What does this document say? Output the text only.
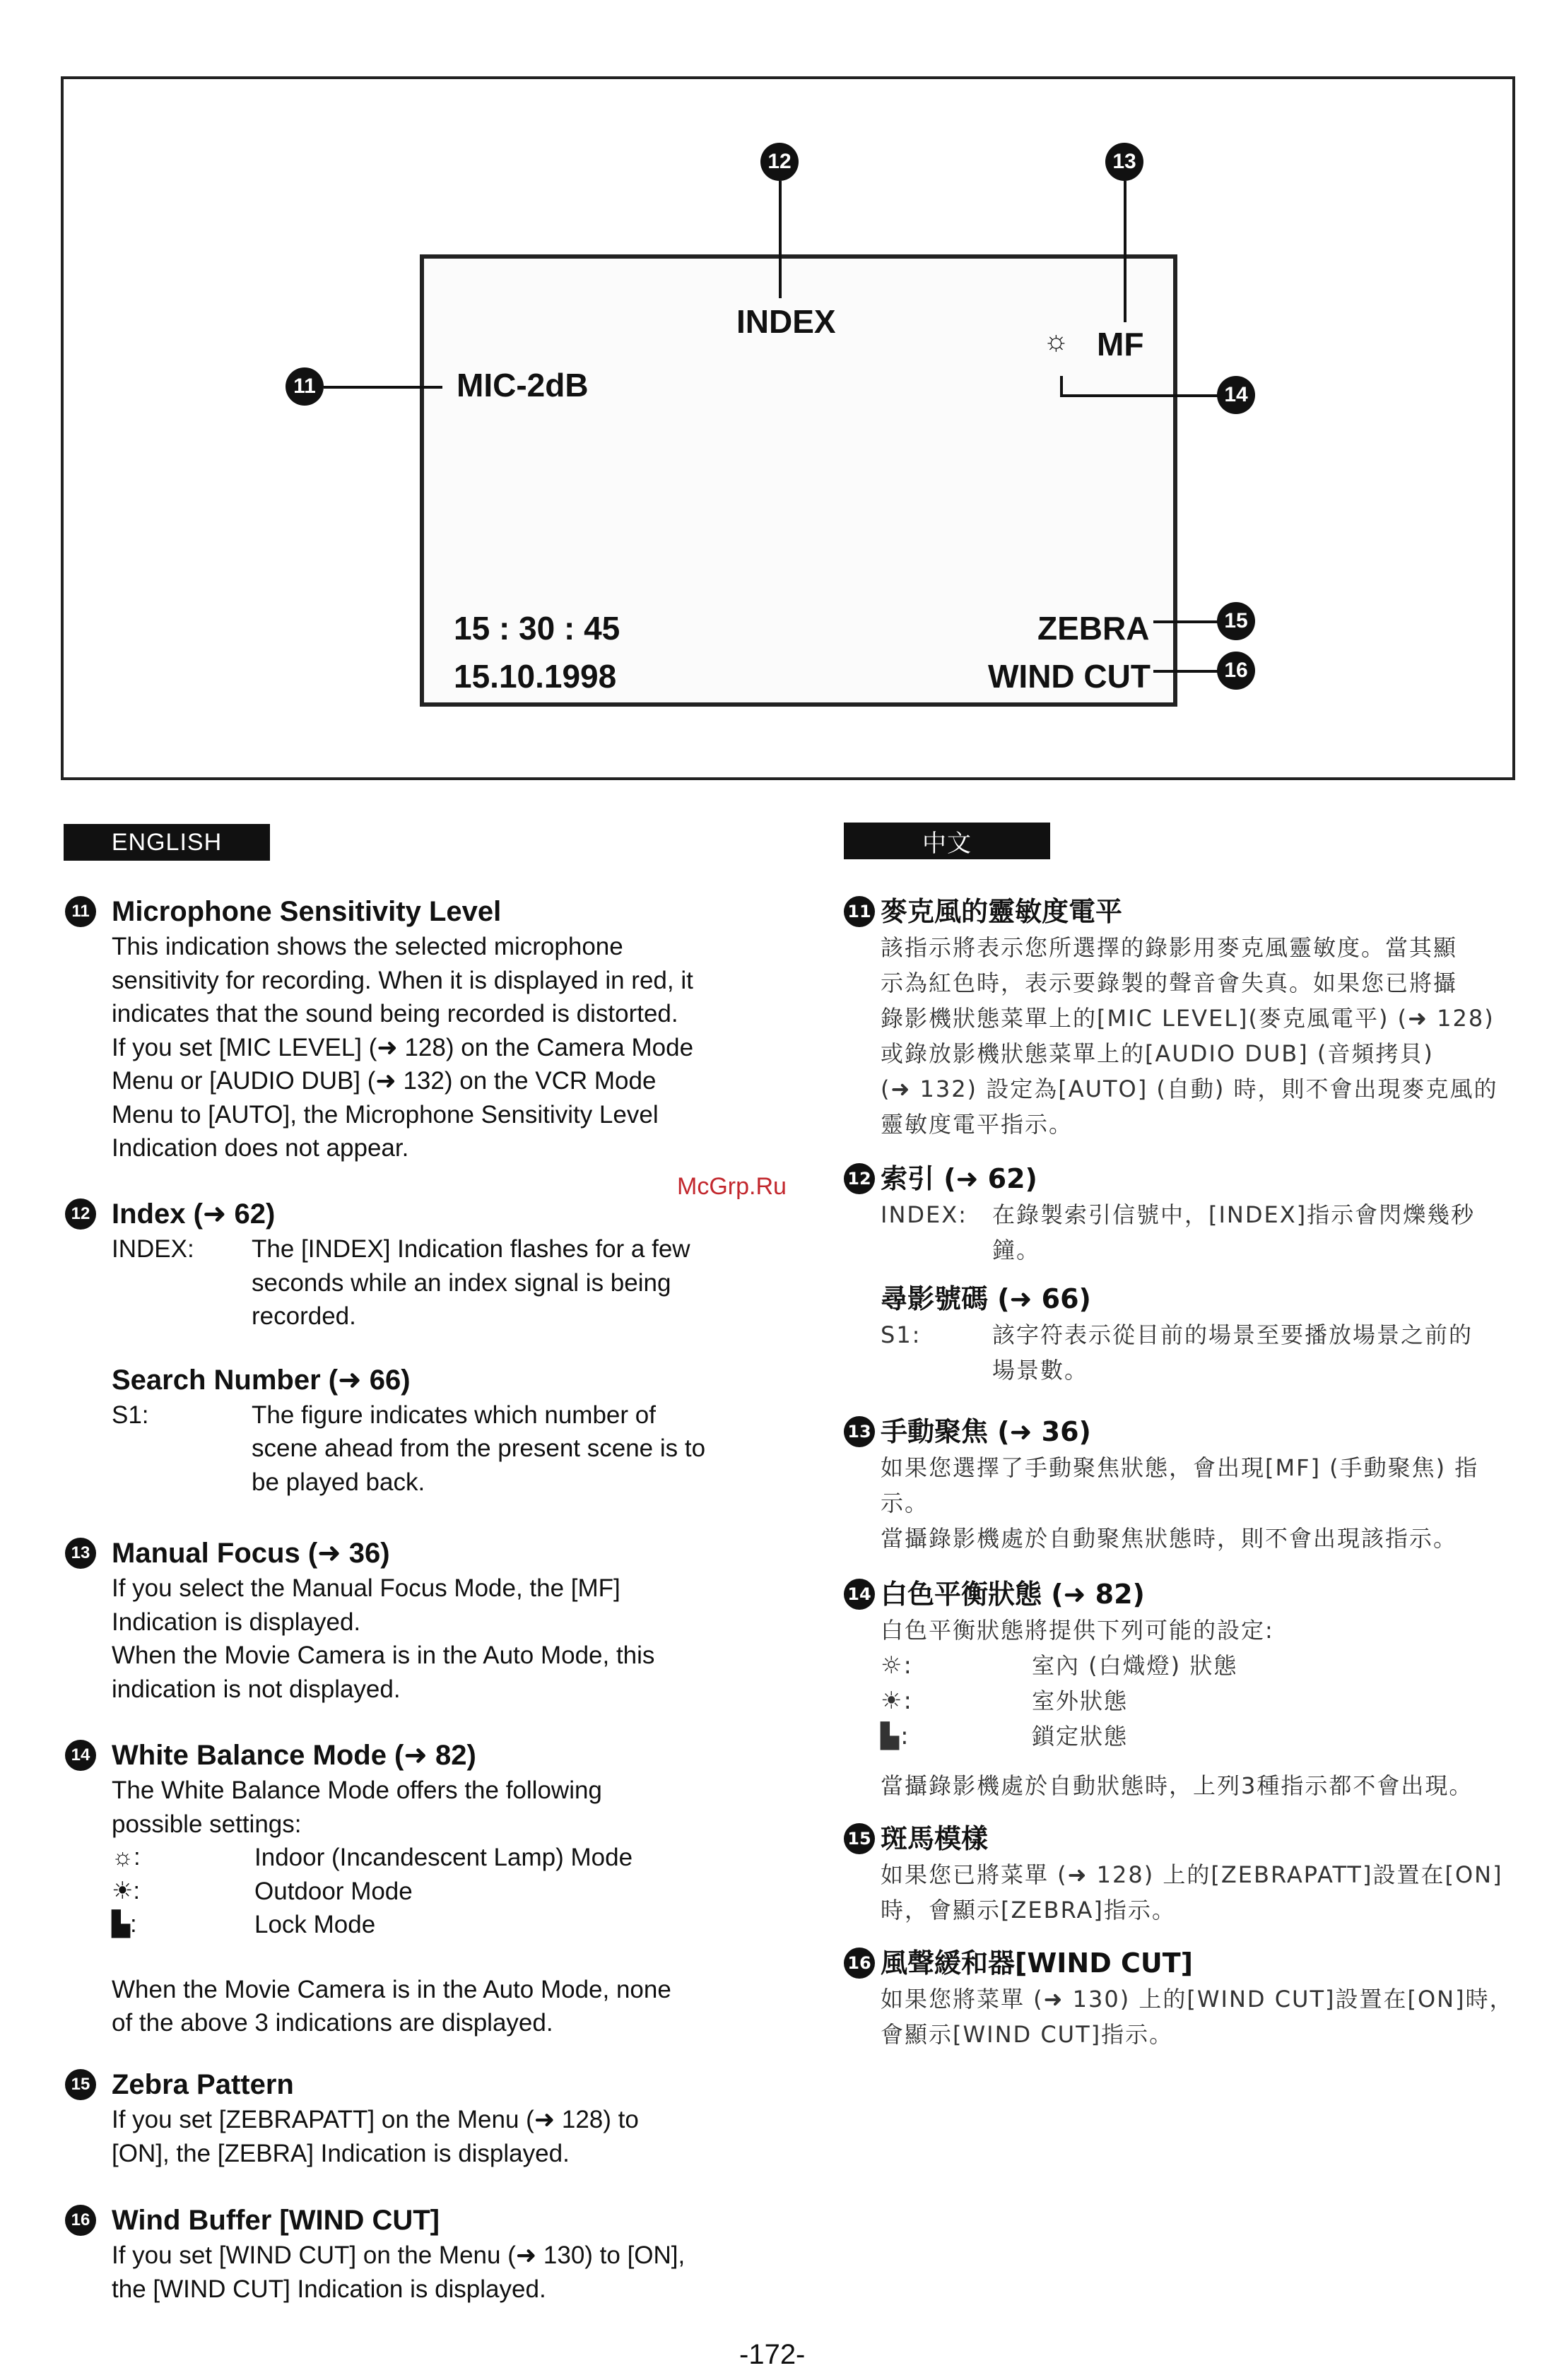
MIC-2dB
INDEX
☼ MF
15 : 30 : 45
15.10.1998
ZEBRA
WIND CUT
12	13
11	14
15
16
ENGLISH	中文
11 Microphone Sensitivity Level
This indication shows the selected microphone
sensitivity for recording. When it is displayed in red, it
indicates that the sound being recorded is distorted.
If you set [MIC LEVEL] (➜ 128) on the Camera Mode
Menu or [AUDIO DUB] (➜ 132) on the VCR Mode
Menu to [AUTO], the Microphone Sensitivity Level
Indication does not appear.
12 Index (➜ 62)
INDEX:	The [INDEX] Indication flashes for a few
seconds while an index signal is being
recorded.
Search Number (➜ 66)
S1:	The figure indicates which number of
scene ahead from the present scene is to
be played back.
13 Manual Focus (➜ 36)
If you select the Manual Focus Mode, the [MF]
Indication is displayed.
When the Movie Camera is in the Auto Mode, this
indication is not displayed.
14 White Balance Mode (➜ 82)
The White Balance Mode offers the following
possible settings:
☼:	Indoor (Incandescent Lamp) Mode
☀:	Outdoor Mode
▙:	Lock Mode
When the Movie Camera is in the Auto Mode, none
of the above 3 indications are displayed.
15 Zebra Pattern
If you set [ZEBRAPATT] on the Menu (➜ 128) to
[ON], the [ZEBRA] Indication is displayed.
16 Wind Buffer [WIND CUT]
If you set [WIND CUT] on the Menu (➜ 130) to [ON],
the [WIND CUT] Indication is displayed.
11 麥克風的靈敏度電平
該指示將表示您所選擇的錄影用麥克風靈敏度。當其顯
示為紅色時，表示要錄製的聲音會失真。如果您已將攝
錄影機狀態菜單上的[MIC LEVEL](麥克風電平) (➜ 128)
或錄放影機狀態菜單上的[AUDIO DUB] (音頻拷貝)
(➜ 132) 設定為[AUTO] (自動) 時，則不會出現麥克風的
靈敏度電平指示。
12 索引 (➜ 62)
INDEX:	在錄製索引信號中，[INDEX]指示會閃爍幾秒
鐘。
尋影號碼 (➜ 66)
S1:	該字符表示從目前的場景至要播放場景之前的
場景數。
13 手動聚焦 (➜ 36)
如果您選擇了手動聚焦狀態，會出現[MF] (手動聚焦) 指
示。
當攝錄影機處於自動聚焦狀態時，則不會出現該指示。
14 白色平衡狀態 (➜ 82)
白色平衡狀態將提供下列可能的設定:
☼:	室內 (白熾燈) 狀態
☀:	室外狀態
▙:	鎖定狀態
當攝錄影機處於自動狀態時，上列3種指示都不會出現。
15 斑馬模樣
如果您已將菜單 (➜ 128) 上的[ZEBRAPATT]設置在[ON]
時，會顯示[ZEBRA]指示。
16 風聲緩和器[WIND CUT]
如果您將菜單 (➜ 130) 上的[WIND CUT]設置在[ON]時，
會顯示[WIND CUT]指示。
McGrp.Ru
-172-
